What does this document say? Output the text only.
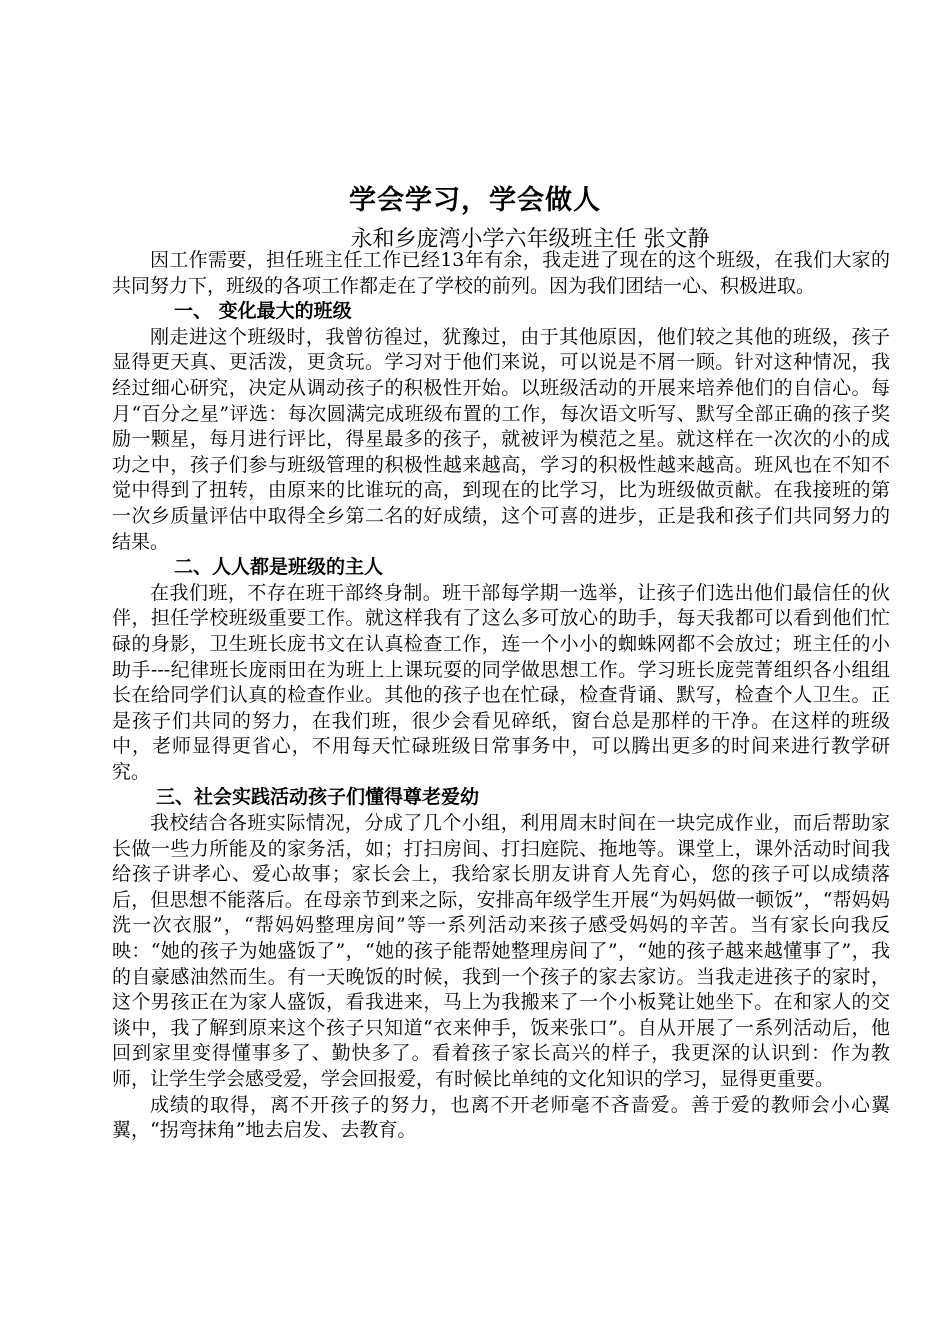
学会学习，学会做人
永和乡庞湾小学六年级班主任 张文静

因工作需要，担任班主任工作已经13年有余，我走进了现在的这个班级，在我们大家的共同努力下，班级的各项工作都走在了学校的前列。因为我们团结一心、积极进取。

一、 变化最大的班级

刚走进这个班级时，我曾彷徨过，犹豫过，由于其他原因，他们较之其他的班级，孩子显得更天真、更活泼，更贪玩。学习对于他们来说，可以说是不屑一顾。针对这种情况，我经过细心研究，决定从调动孩子的积极性开始。以班级活动的开展来培养他们的自信心。每月“百分之星”评选：每次圆满完成班级布置的工作，每次语文听写、默写全部正确的孩子奖励一颗星，每月进行评比，得星最多的孩子，就被评为模范之星。就这样在一次次的小的成功之中，孩子们参与班级管理的积极性越来越高，学习的积极性越来越高。班风也在不知不觉中得到了扭转，由原来的比谁玩的高，到现在的比学习，比为班级做贡献。在我接班的第一次乡质量评估中取得全乡第二名的好成绩，这个可喜的进步，正是我和孩子们共同努力的结果。

二、人人都是班级的主人

在我们班，不存在班干部终身制。班干部每学期一选举，让孩子们选出他们最信任的伙伴，担任学校班级重要工作。就这样我有了这么多可放心的助手，每天我都可以看到他们忙碌的身影，卫生班长庞书文在认真检查工作，连一个小小的蜘蛛网都不会放过；班主任的小助手---纪律班长庞雨田在为班上上课玩耍的同学做思想工作。学习班长庞莞菁组织各小组组长在给同学们认真的检查作业。其他的孩子也在忙碌，检查背诵、默写，检查个人卫生。正是孩子们共同的努力，在我们班，很少会看见碎纸，窗台总是那样的干净。在这样的班级中，老师显得更省心，不用每天忙碌班级日常事务中，可以腾出更多的时间来进行教学研究。

三、社会实践活动孩子们懂得尊老爱幼

我校结合各班实际情况，分成了几个小组，利用周末时间在一块完成作业，而后帮助家长做一些力所能及的家务活，如；打扫房间、打扫庭院、拖地等。课堂上，课外活动时间我给孩子讲孝心、爱心故事；家长会上，我给家长朋友讲育人先育心，您的孩子可以成绩落后，但思想不能落后。在母亲节到来之际，安排高年级学生开展“为妈妈做一顿饭”，“帮妈妈洗一次衣服”，“帮妈妈整理房间”等一系列活动来孩子感受妈妈的辛苦。当有家长向我反映：“她的孩子为她盛饭了”，“她的孩子能帮她整理房间了”，“她的孩子越来越懂事了”，我的自豪感油然而生。有一天晚饭的时候，我到一个孩子的家去家访。当我走进孩子的家时，这个男孩正在为家人盛饭，看我进来，马上为我搬来了一个小板凳让她坐下。在和家人的交谈中，我了解到原来这个孩子只知道“衣来伸手，饭来张口”。自从开展了一系列活动后，他回到家里变得懂事多了、勤快多了。看着孩子家长高兴的样子，我更深的认识到：作为教师，让学生学会感受爱，学会回报爱，有时候比单纯的文化知识的学习，显得更重要。

成绩的取得，离不开孩子的努力，也离不开老师毫不吝啬爱。善于爱的教师会小心翼翼，“拐弯抹角”地去启发、去教育。
